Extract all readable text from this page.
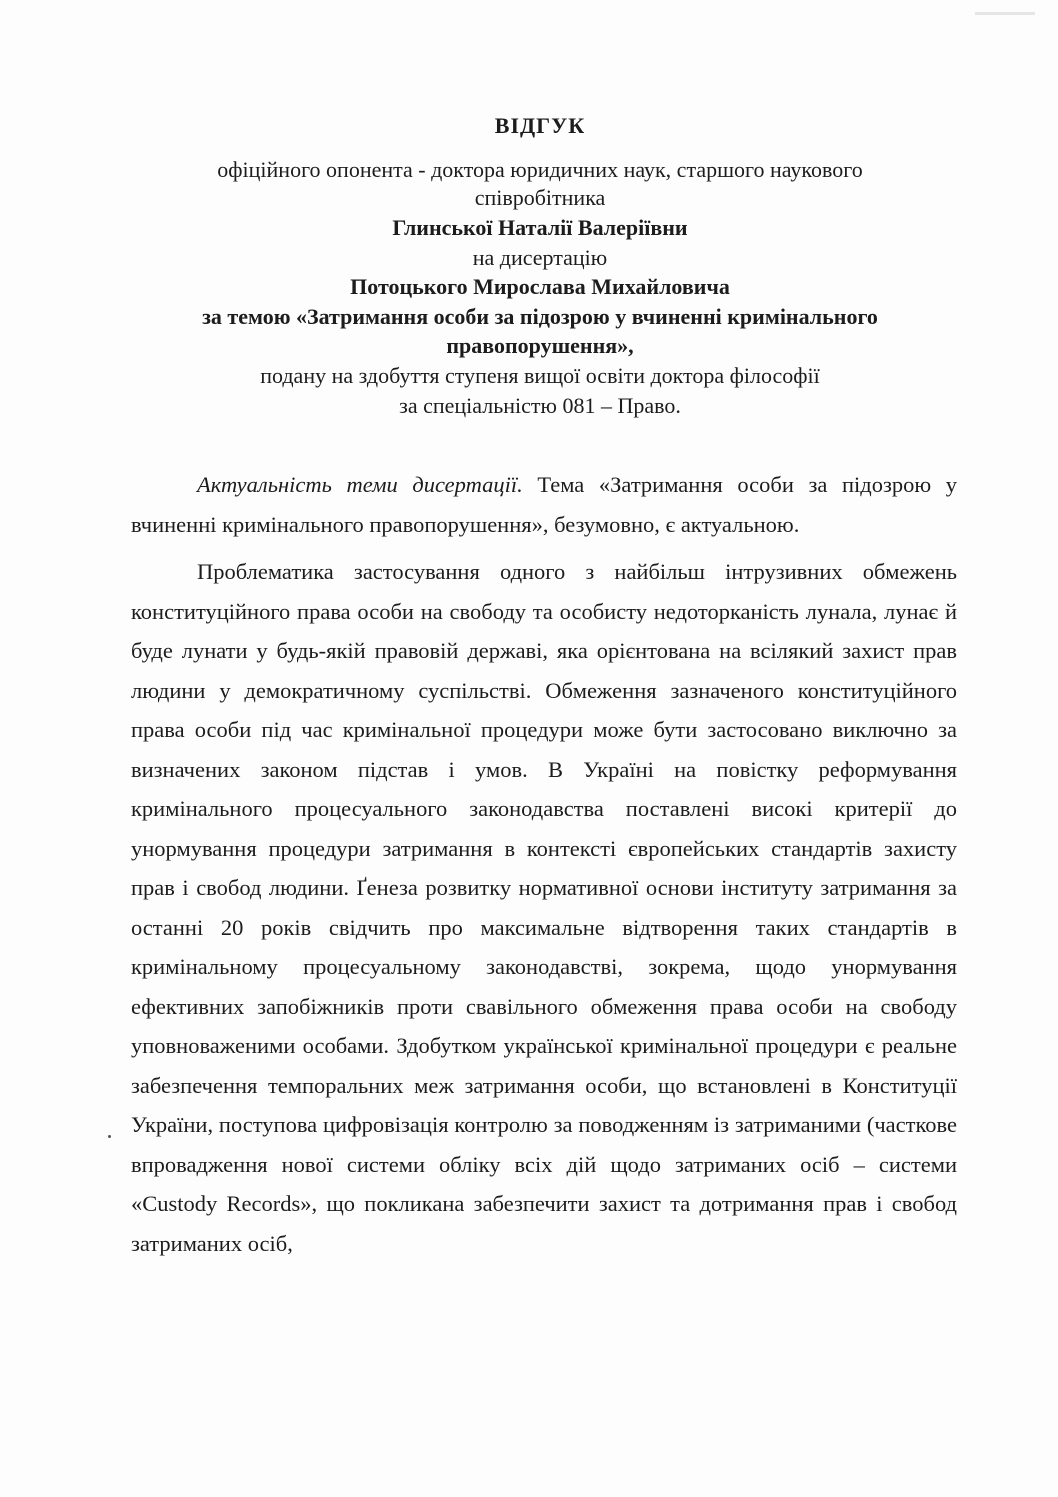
ВІДГУК
офіційного опонента - доктора юридичних наук, старшого наукового
співробітника
Глинської Наталії Валеріївни
на дисертацію
Потоцького Мирослава Михайловича
за темою «Затримання особи за підозрою у вчиненні кримінального
правопорушення»,
подану на здобуття ступеня вищої освіти доктора філософії
за спеціальністю 081 – Право.

Актуальність теми дисертації. Тема «Затримання особи за підозрою у вчиненні кримінального правопорушення», безумовно, є актуальною.

Проблематика застосування одного з найбільш інтрузивних обмежень конституційного права особи на свободу та особисту недоторканість лунала, лунає й буде лунати у будь-якій правовій державі, яка орієнтована на всілякий захист прав людини у демократичному суспільстві. Обмеження зазначеного конституційного права особи під час кримінальної процедури може бути застосовано виключно за визначених законом підстав і умов. В Україні на повістку реформування кримінального процесуального законодавства поставлені високі критерії до унормування процедури затримання в контексті європейських стандартів захисту прав і свобод людини. Ґенеза розвитку нормативної основи інституту затримання за останні 20 років свідчить про максимальне відтворення таких стандартів в кримінальному процесуальному законодавстві, зокрема, щодо унормування ефективних запобіжників проти свавільного обмеження права особи на свободу уповноваженими особами. Здобутком української кримінальної процедури є реальне забезпечення темпоральних меж затримання особи, що встановлені в Конституції України, поступова цифровізація контролю за поводженням із затриманими (часткове впровадження нової системи обліку всіх дій щодо затриманих осіб – системи «Custody Records», що покликана забезпечити захист та дотримання прав і свобод затриманих осіб,
